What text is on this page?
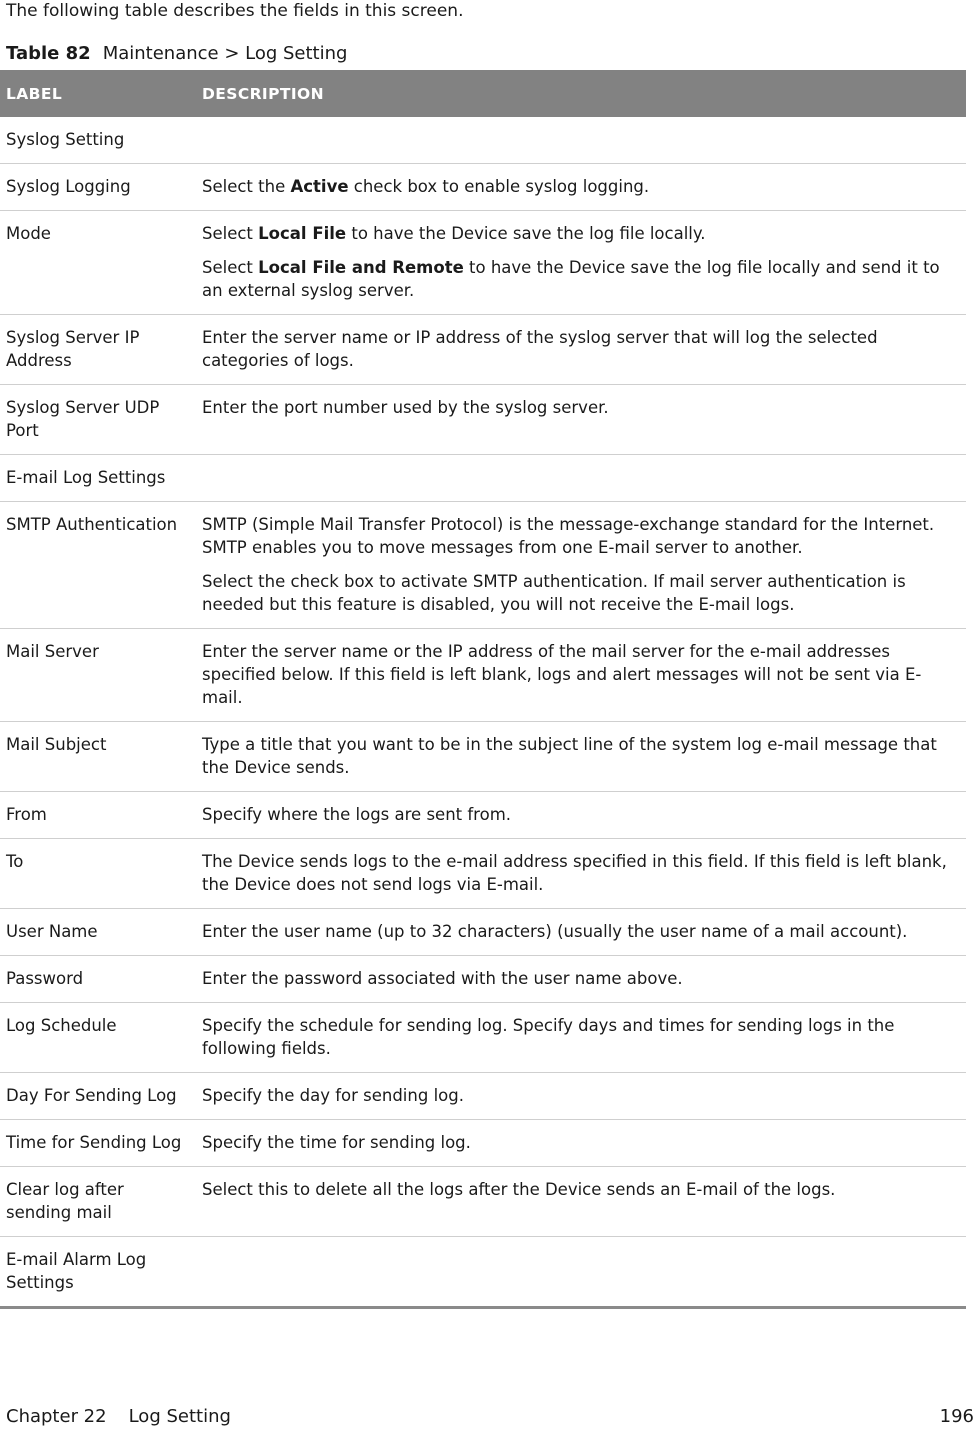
The following table describes the fields in this screen.
Table 82 Maintenance > Log Setting
LABEL	DESCRIPTION
Syslog Setting	
Syslog Logging	Select the Active check box to enable syslog logging.

Mode	Select Local File to have the Device save the log file locally.

Select Local File and Remote to have the Device save the log file locally and send it to an external syslog server.

Syslog Server IP Address	Enter the server name or IP address of the syslog server that will log the selected categories of logs.

Syslog Server UDP Port	Enter the port number used by the syslog server.

E-mail Log Settings	
SMTP Authentication	SMTP (Simple Mail Transfer Protocol) is the message-exchange standard for the Internet. SMTP enables you to move messages from one E-mail server to another.

Select the check box to activate SMTP authentication. If mail server authentication is needed but this feature is disabled, you will not receive the E-mail logs.

Mail Server	Enter the server name or the IP address of the mail server for the e-mail addresses specified below. If this field is left blank, logs and alert messages will not be sent via E-mail.

Mail Subject	Type a title that you want to be in the subject line of the system log e-mail message that the Device sends.

From	Specify where the logs are sent from.

To	The Device sends logs to the e-mail address specified in this field. If this field is left blank, the Device does not send logs via E-mail.

User Name	Enter the user name (up to 32 characters) (usually the user name of a mail account).

Password	Enter the password associated with the user name above.

Log Schedule	Specify the schedule for sending log. Specify days and times for sending logs in the following fields.

Day For Sending Log	Specify the day for sending log.

Time for Sending Log	Specify the time for sending log.

Clear log after sending mail	Select this to delete all the logs after the Device sends an E-mail of the logs.

E-mail Alarm Log Settings	
Chapter 22 Log Setting	196
